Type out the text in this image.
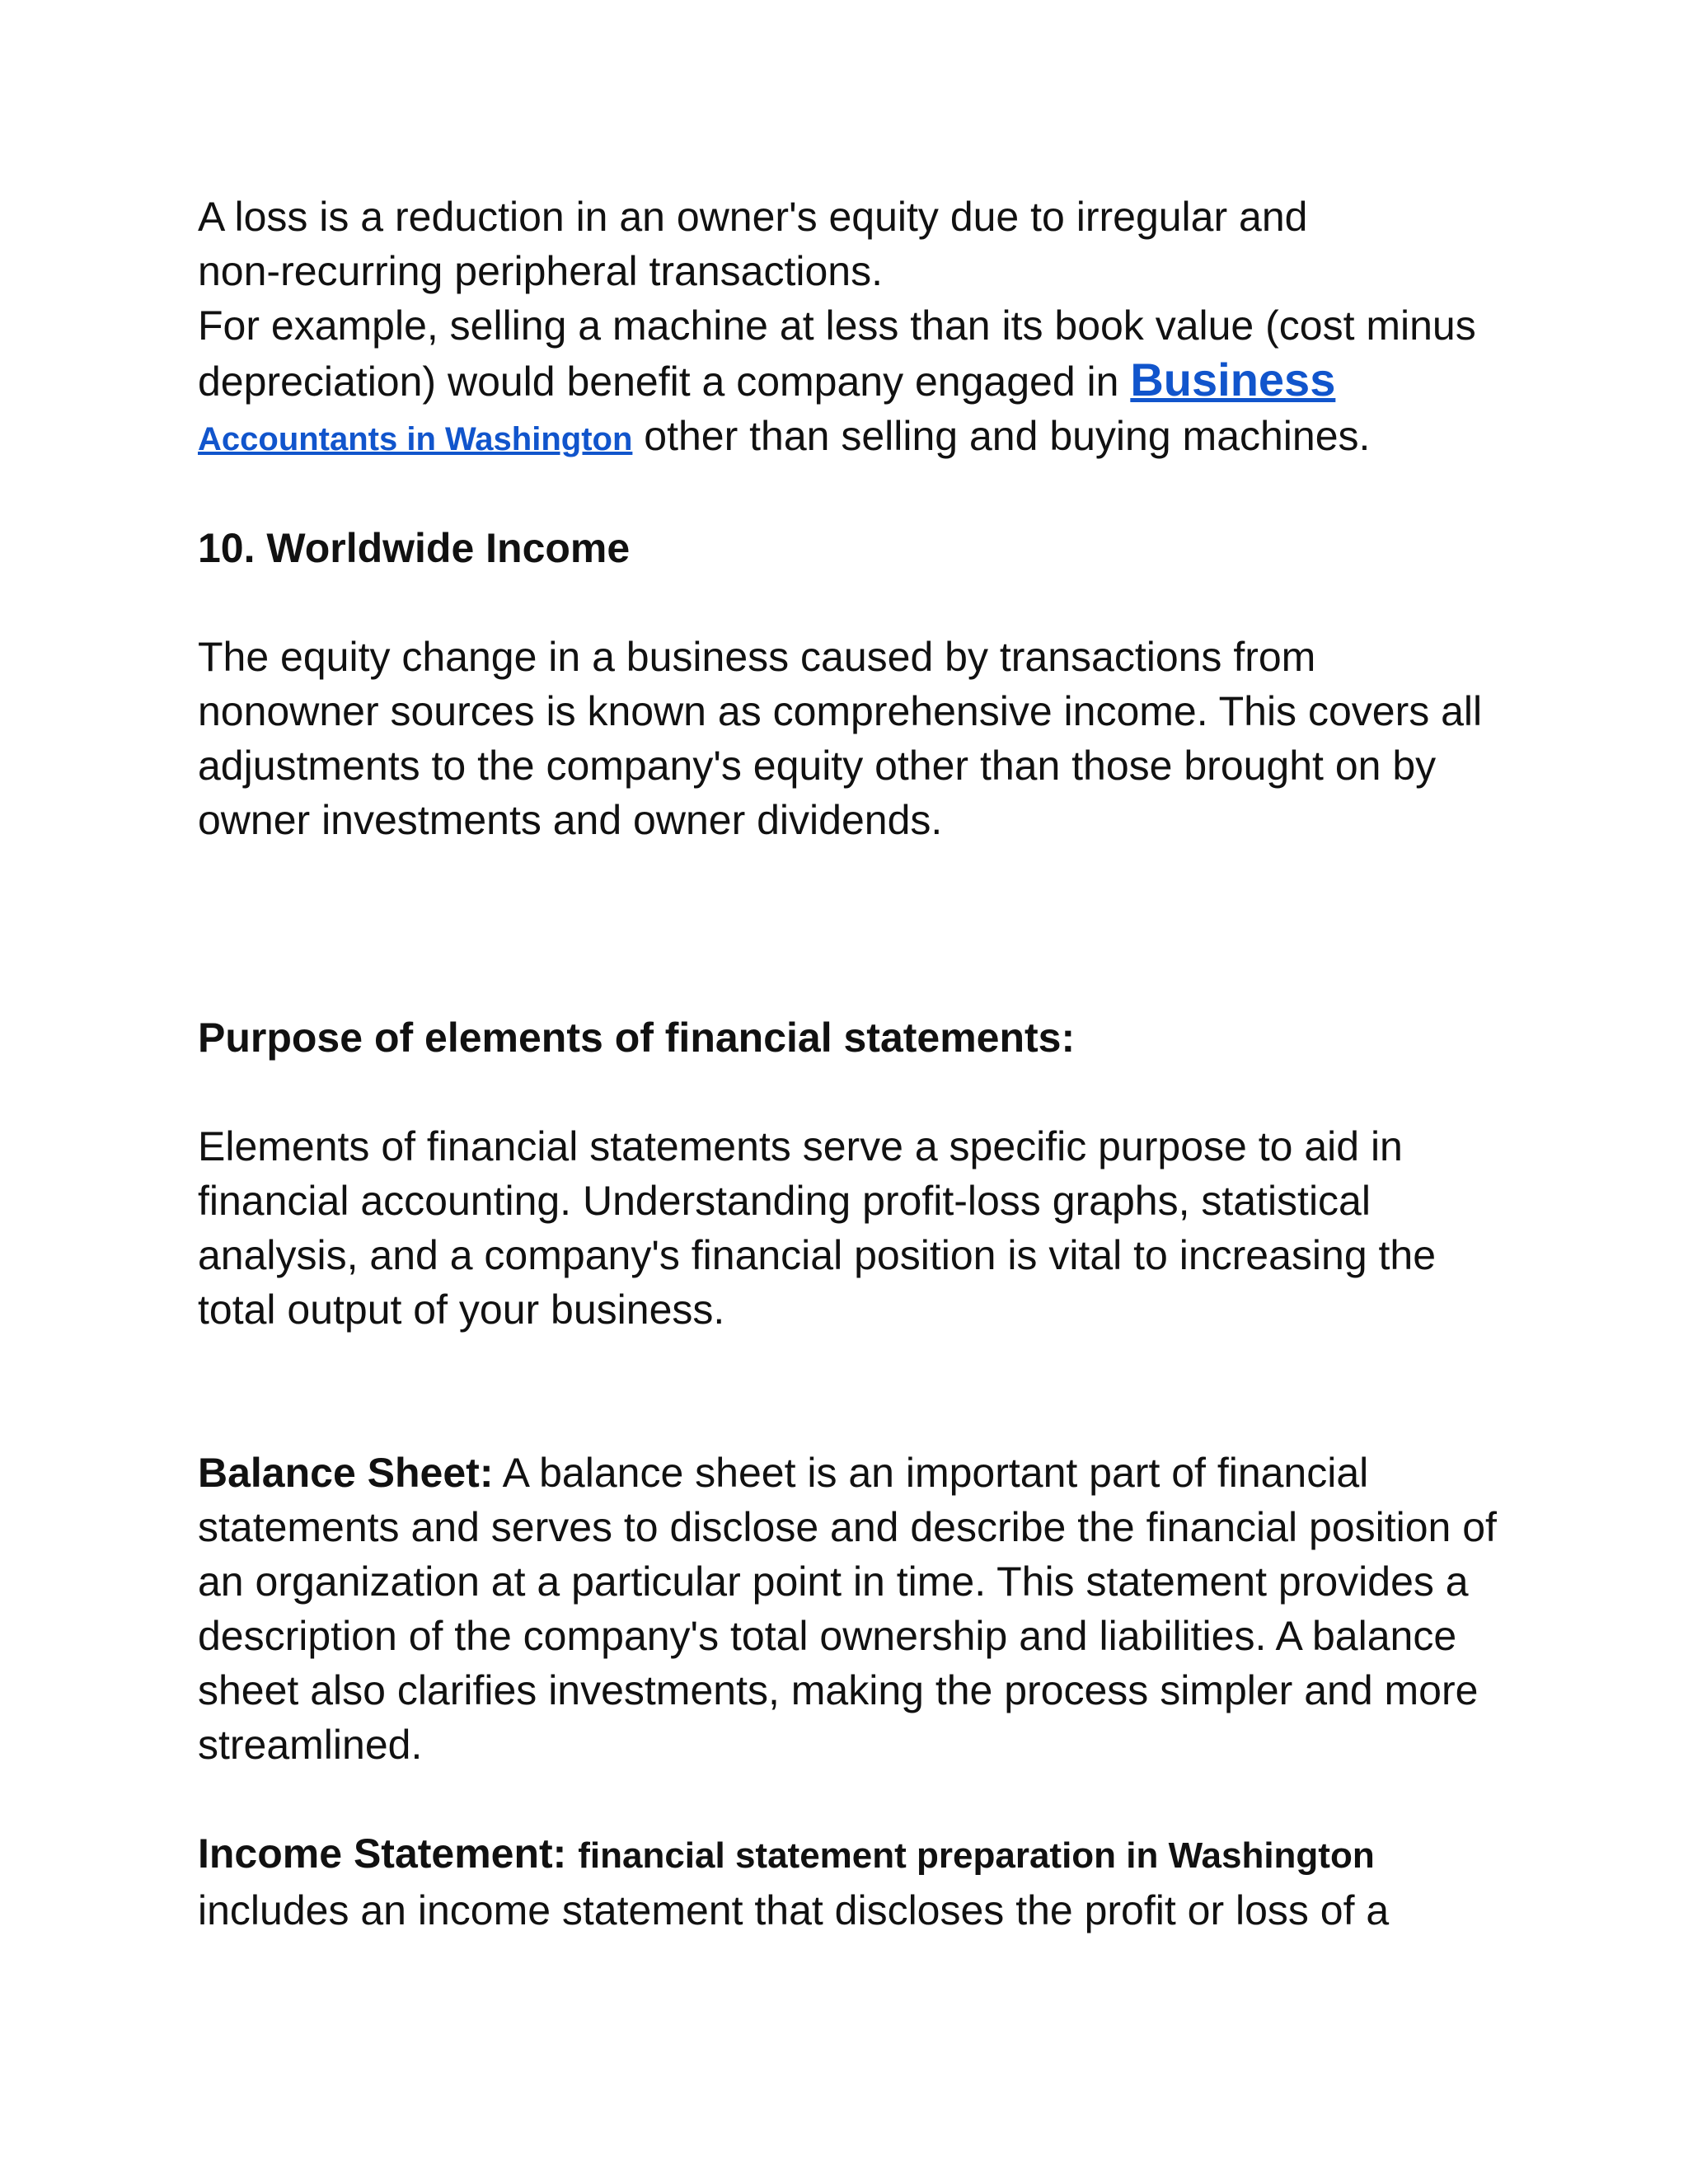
A loss is a reduction in an owner's equity due to irregular and
non-recurring peripheral transactions.
For example, selling a machine at less than its book value (cost minus depreciation) would benefit a company engaged in Business
Accountants in Washington other than selling and buying machines.

10. Worldwide Income

The equity change in a business caused by transactions from nonowner sources is known as comprehensive income. This covers all adjustments to the company's equity other than those brought on by owner investments and owner dividends.

Purpose of elements of financial statements:

Elements of financial statements serve a specific purpose to aid in financial accounting. Understanding profit-loss graphs, statistical analysis, and a company's financial position is vital to increasing the total output of your business.

Balance Sheet: A balance sheet is an important part of financial statements and serves to disclose and describe the financial position of an organization at a particular point in time. This statement provides a description of the company's total ownership and liabilities. A balance sheet also clarifies investments, making the process simpler and more streamlined.

Income Statement: financial statement preparation in Washington includes an income statement that discloses the profit or loss of a
